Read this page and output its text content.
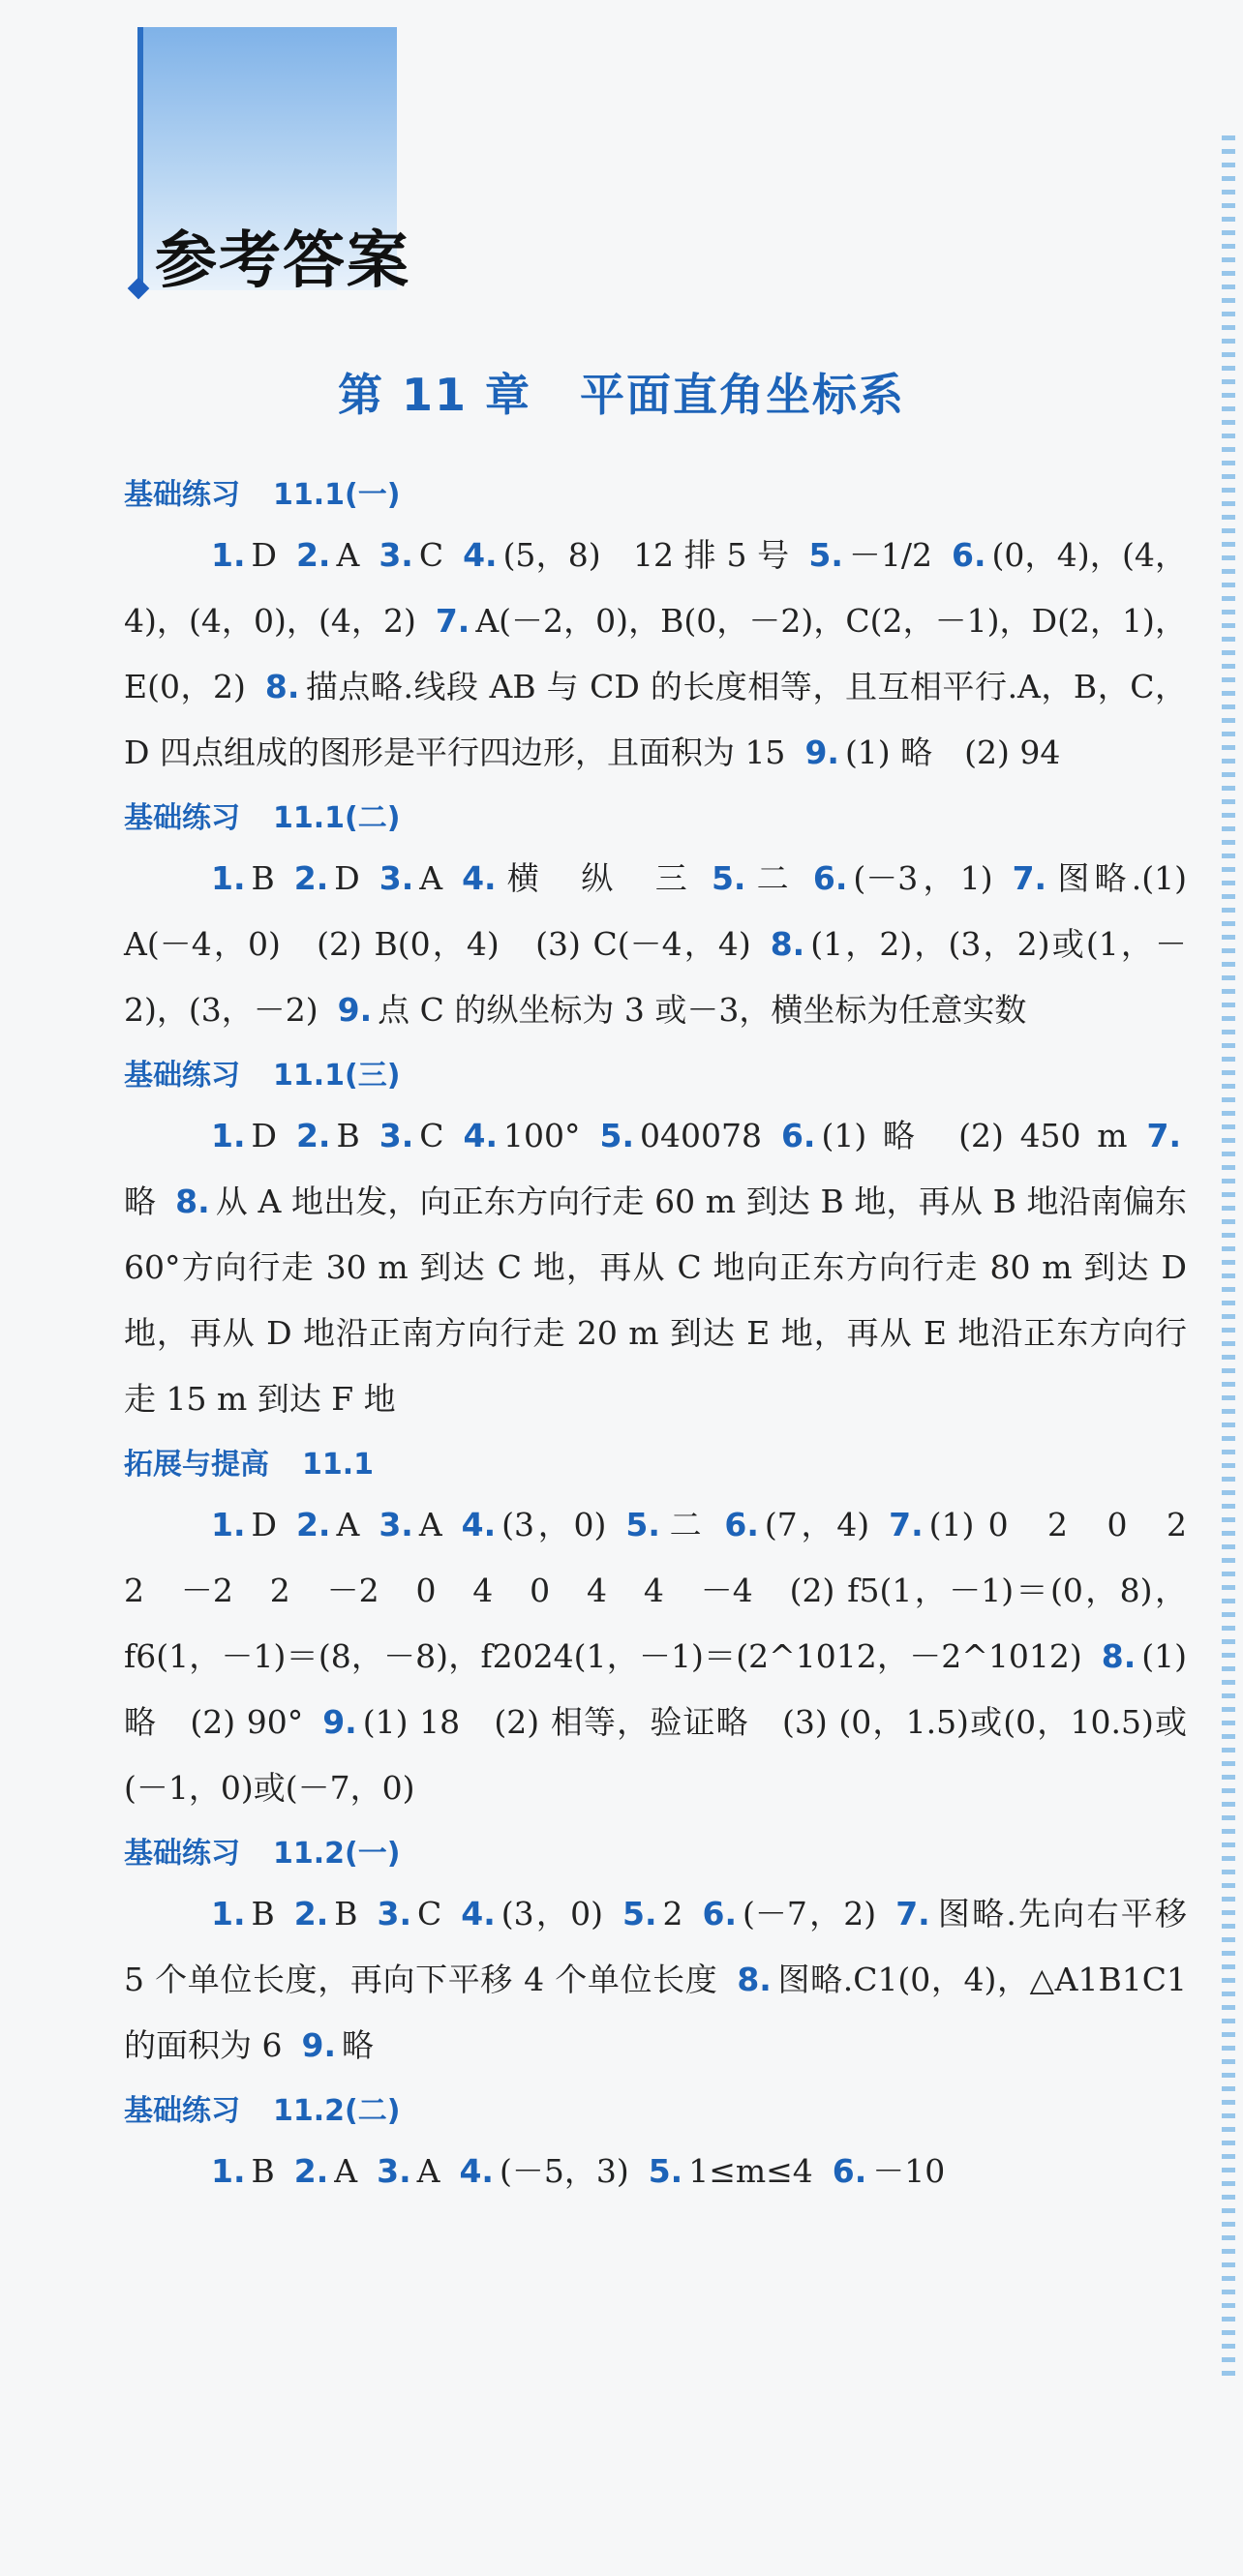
参考答案
第 11 章 平面直角坐标系
基础练习 11.1(一)
1. D 2. A 3. C 4. (5，8)　12 排 5 号 5. －1/2 6. (0，4)，(4，4)，(4，0)，(4，2) 7. A(－2，0)，B(0，－2)，C(2，－1)，D(2，1)，E(0，2) 8. 描点略.线段 AB 与 CD 的长度相等，且互相平行.A，B，C，D 四点组成的图形是平行四边形，且面积为 15 9. (1) 略　(2) 94
基础练习 11.1(二)
1. B 2. D 3. A 4. 横　纵　三 5. 二 6. (－3，1) 7. 图略.(1) A(－4，0)　(2) B(0，4)　(3) C(－4，4) 8. (1，2)，(3，2)或(1，－2)，(3，－2) 9. 点 C 的纵坐标为 3 或－3，横坐标为任意实数
基础练习 11.1(三)
1. D 2. B 3. C 4. 100° 5. 040078 6. (1) 略　(2) 450 m 7.略 8. 从 A 地出发，向正东方向行走 60 m 到达 B 地，再从 B 地沿南偏东 60°方向行走 30 m 到达 C 地，再从 C 地向正东方向行走 80 m 到达 D 地，再从 D 地沿正南方向行走 20 m 到达 E 地，再从 E 地沿正东方向行走 15 m 到达 F 地
拓展与提高 11.1
1. D 2. A 3. A 4. (3，0) 5. 二 6. (7，4) 7. (1) 0　2　0　2　2　－2　2　－2　0　4　0　4　4　－4　(2) f5(1，－1)＝(0，8)，f6(1，－1)＝(8，－8)，f2024(1，－1)＝(2^1012，－2^1012) 8. (1) 略　(2) 90° 9. (1) 18　(2) 相等，验证略　(3) (0，1.5)或(0，10.5)或(－1，0)或(－7，0)
基础练习 11.2(一)
1. B 2. B 3. C 4. (3，0) 5. 2 6. (－7，2) 7. 图略.先向右平移 5 个单位长度，再向下平移 4 个单位长度 8. 图略.C1(0，4)，△A1B1C1 的面积为 6 9. 略
基础练习 11.2(二)
1. B 2. A 3. A 4. (－5，3) 5. 1≤m≤4 6. －10
